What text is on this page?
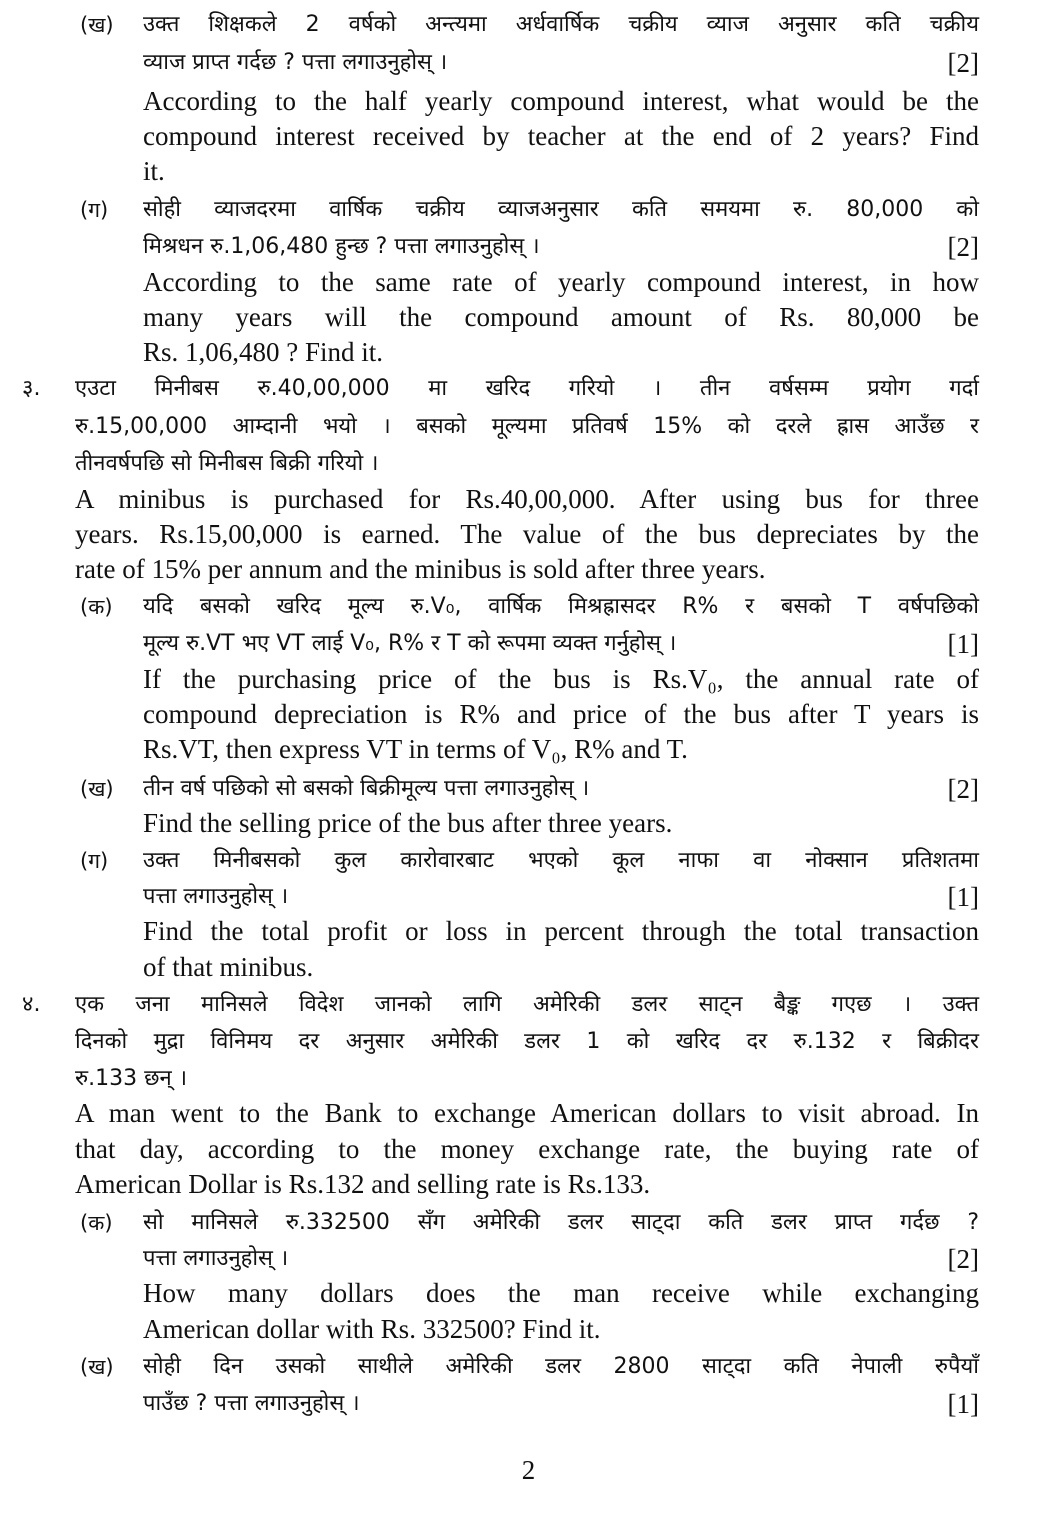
(ख) उक्त शिक्षकले 2 वर्षको अन्त्यमा अर्धवार्षिक चक्रीय व्याज अनुसार कति चक्रीय
व्याज प्राप्त गर्दछ ? पत्ता लगाउनुहोस् ।	[2]
According to the half yearly compound interest, what would be the
compound interest received by teacher at the end of 2 years? Find
it.
(ग) सोही व्याजदरमा वार्षिक चक्रीय व्याजअनुसार कति समयमा रु. 80,000 को
मिश्रधन रु.1,06,480 हुन्छ ? पत्ता लगाउनुहोस् ।	[2]
According to the same rate of yearly compound interest, in how
many years will the compound amount of Rs. 80,000 be
Rs. 1,06,480 ? Find it.
३. एउटा मिनीबस रु.40,00,000 मा खरिद गरियो । तीन वर्षसम्म प्रयोग गर्दा
रु.15,00,000 आम्दानी भयो । बसको मूल्यमा प्रतिवर्ष 15% को दरले ह्रास आउँछ र
तीनवर्षपछि सो मिनीबस बिक्री गरियो ।
A minibus is purchased for Rs.40,00,000. After using bus for three
years. Rs.15,00,000 is earned. The value of the bus depreciates by the
rate of 15% per annum and the minibus is sold after three years.
(क) यदि बसको खरिद मूल्य रु.V₀, वार्षिक मिश्रह्रासदर R% र बसको T वर्षपछिको
मूल्य रु.VT भए VT लाई V₀, R% र T को रूपमा व्यक्त गर्नुहोस् ।	[1]
If the purchasing price of the bus is Rs.V₀, the annual rate of
compound depreciation is R% and price of the bus after T years is
Rs.VT, then express VT in terms of V₀, R% and T.
(ख) तीन वर्ष पछिको सो बसको बिक्रीमूल्य पत्ता लगाउनुहोस् ।	[2]
Find the selling price of the bus after three years.
(ग) उक्त मिनीबसको कुल कारोवारबाट भएको कूल नाफा वा नोक्सान प्रतिशतमा
पत्ता लगाउनुहोस् ।	[1]
Find the total profit or loss in percent through the total transaction
of that minibus.
४. एक जना मानिसले विदेश जानको लागि अमेरिकी डलर साट्न बैङ्क गएछ । उक्त
दिनको मुद्रा विनिमय दर अनुसार अमेरिकी डलर 1 को खरिद दर रु.132 र बिक्रीदर
रु.133 छन् ।
A man went to the Bank to exchange American dollars to visit abroad. In
that day, according to the money exchange rate, the buying rate of
American Dollar is Rs.132 and selling rate is Rs.133.
(क) सो मानिसले रु.332500 सँग अमेरिकी डलर साट्दा कति डलर प्राप्त गर्दछ ?
पत्ता लगाउनुहोस् ।	[2]
How many dollars does the man receive while exchanging
American dollar with Rs. 332500? Find it.
(ख) सोही दिन उसको साथीले अमेरिकी डलर 2800 साट्दा कति नेपाली रुपैयाँ
पाउँछ ? पत्ता लगाउनुहोस् ।	[1]
2
